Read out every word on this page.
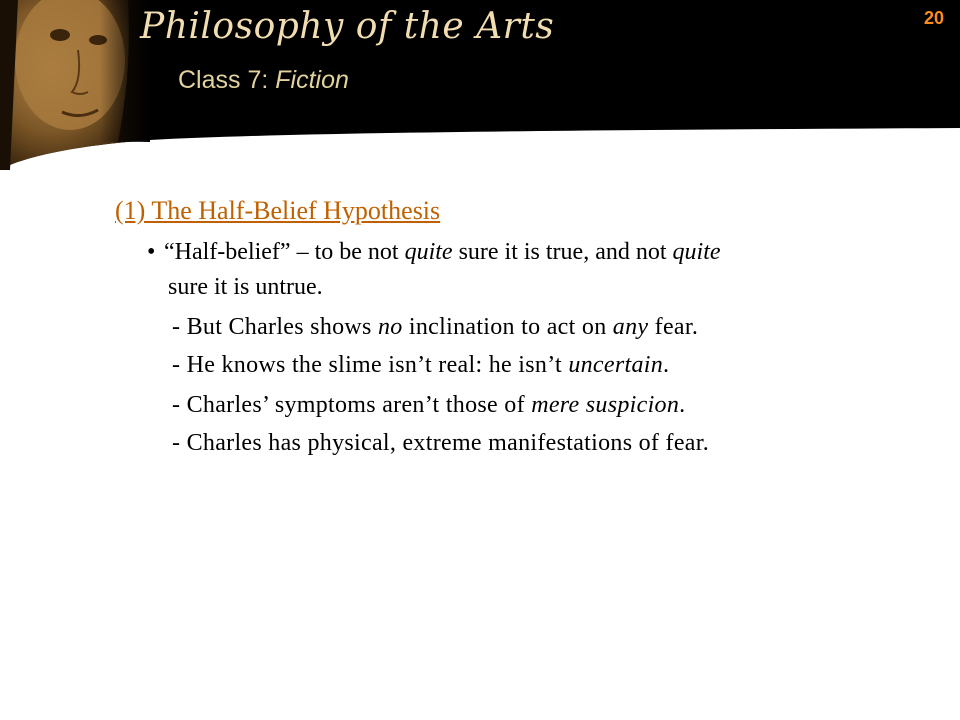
Philosophy of the Arts
Class 7: Fiction
20
(1) The Half-Belief Hypothesis
• “Half-belief” – to be not quite sure it is true, and not quite
sure it is untrue.
- But Charles shows no inclination to act on any fear.
- He knows the slime isn’t real: he isn’t uncertain.
- Charles’ symptoms aren’t those of mere suspicion.
- Charles has physical, extreme manifestations of fear.
